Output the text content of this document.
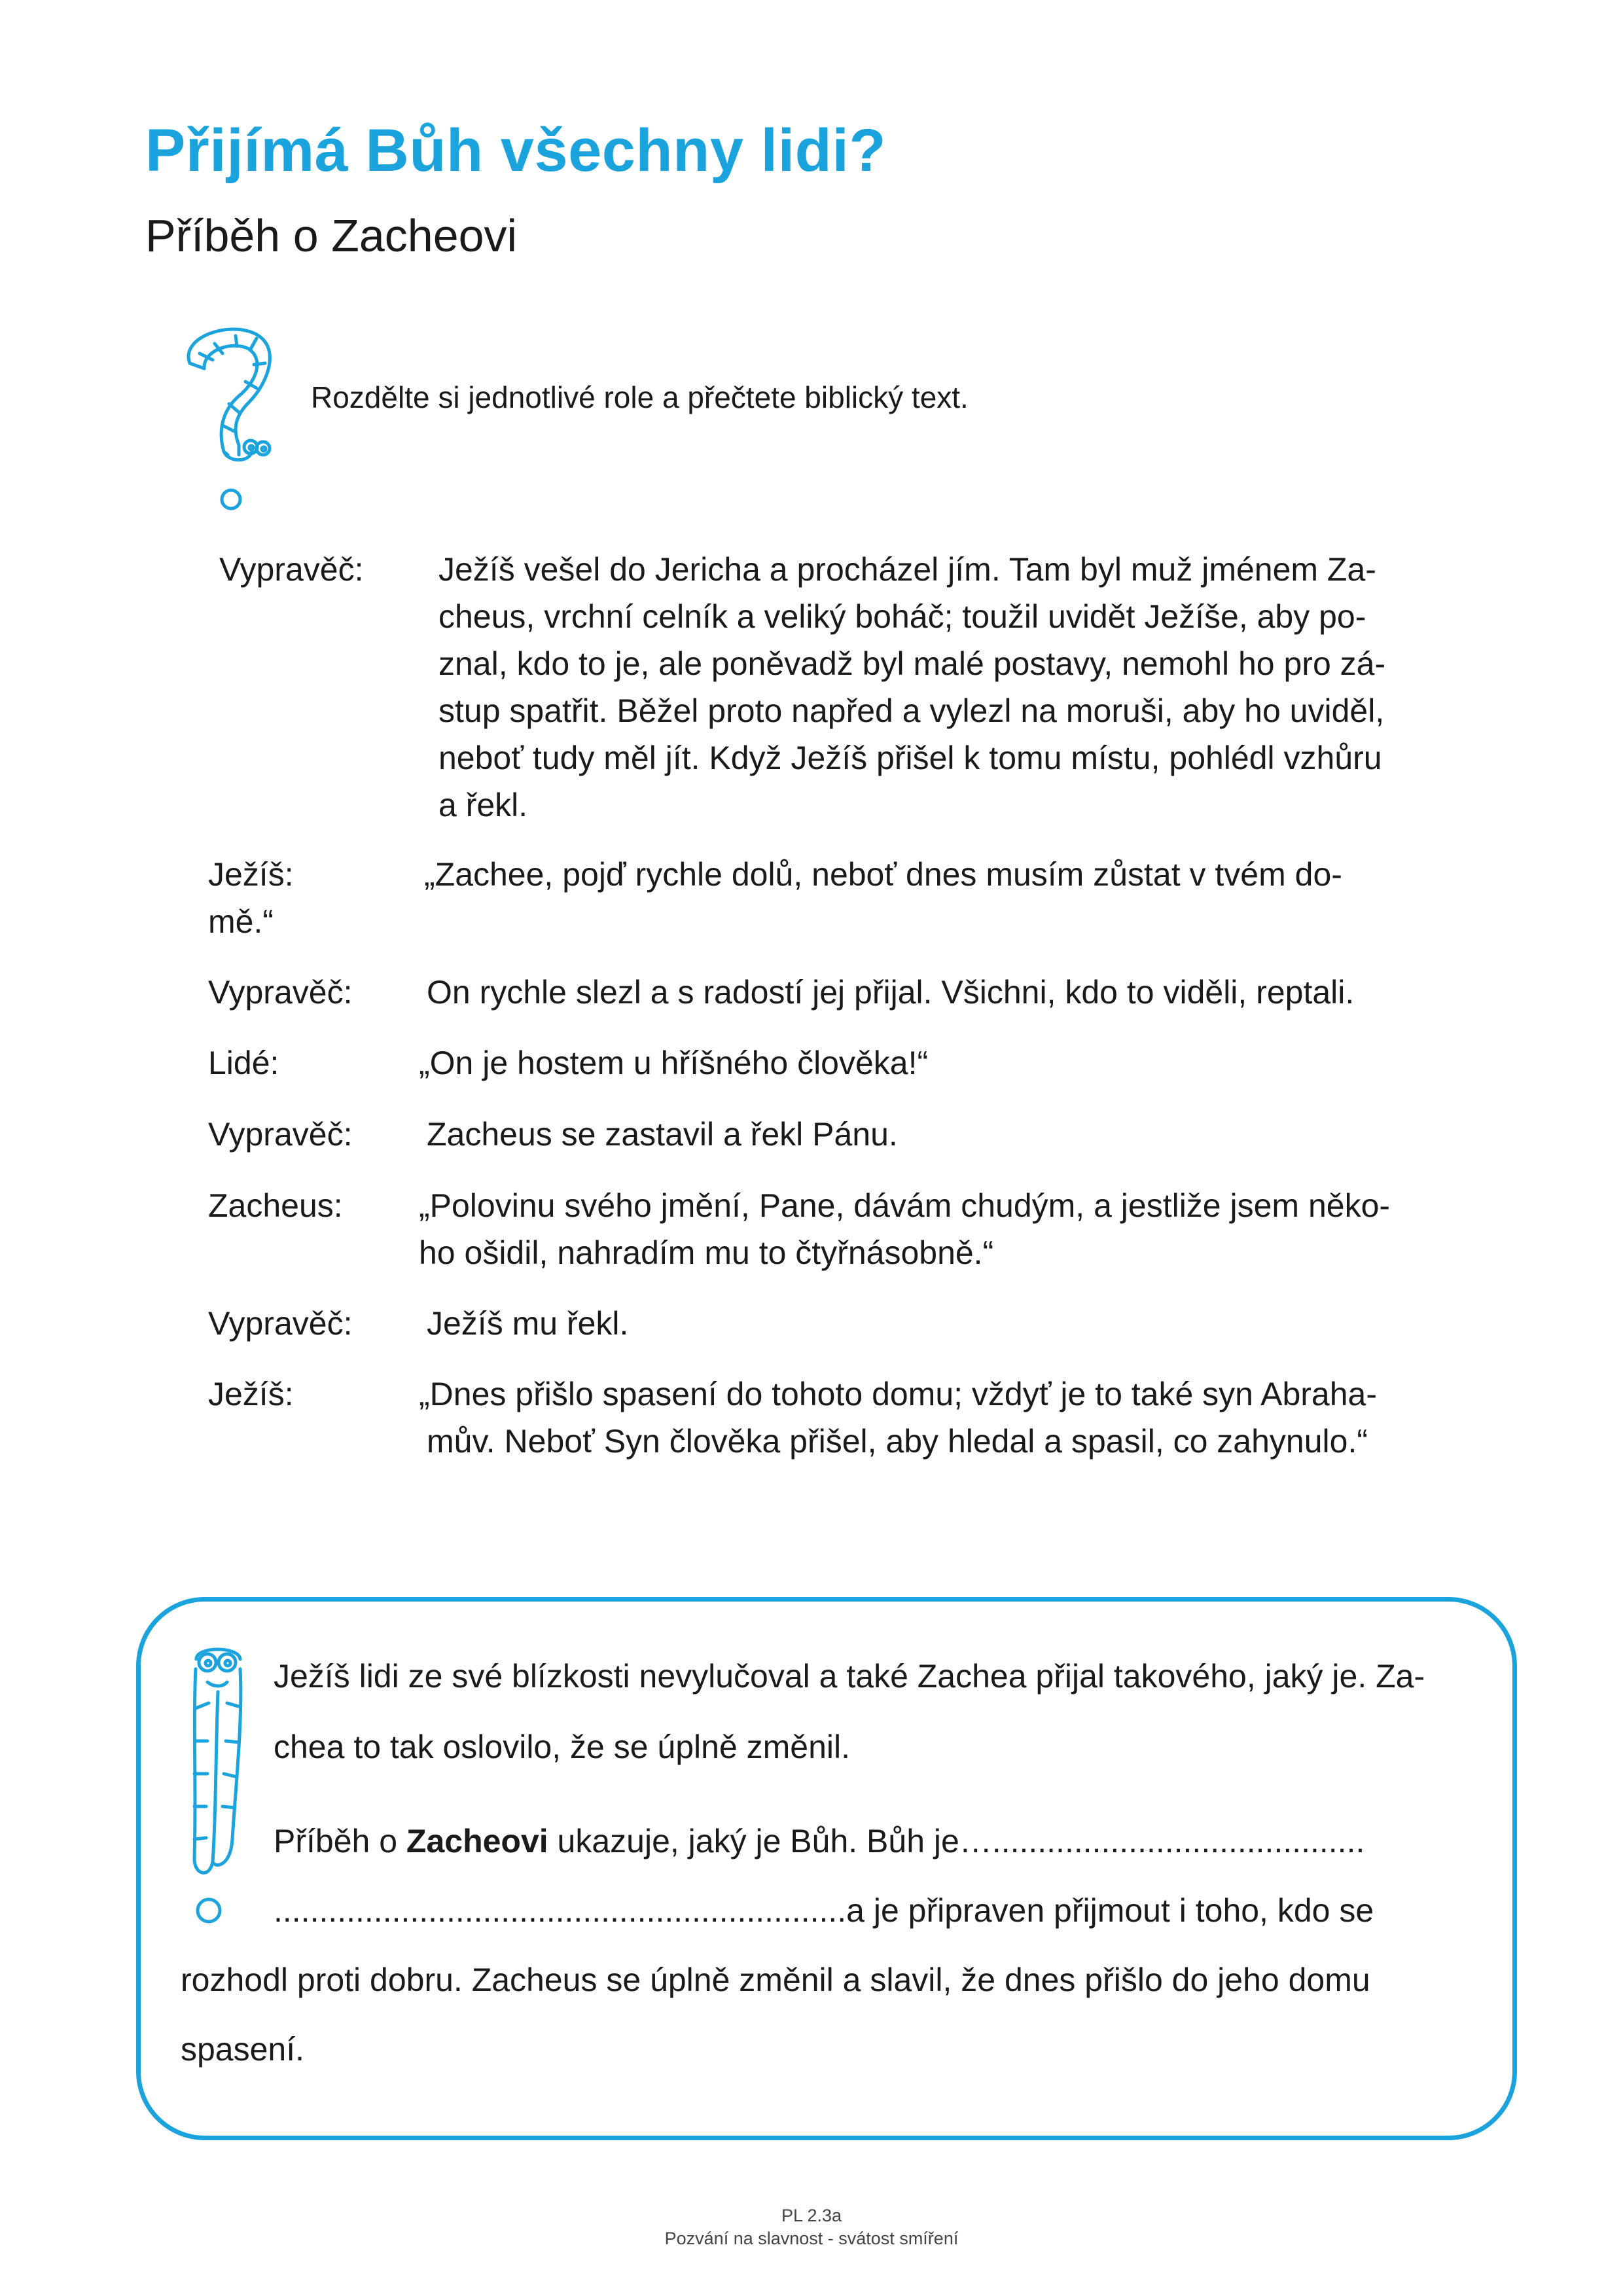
Přijímá Bůh všechny lidi?
Příběh o Zacheovi
Rozdělte si jednotlivé role a přečtete biblický text.
Vypravěč: Ježíš vešel do Jericha a procházel jím. Tam byl muž jménem Za-
cheus, vrchní celník a veliký boháč; toužil uvidět Ježíše, aby po-
znal, kdo to je, ale poněvadž byl malé postavy, nemohl ho pro zá-
stup spatřit. Běžel proto napřed a vylezl na moruši, aby ho uviděl,
neboť tudy měl jít. Když Ježíš přišel k tomu místu, pohlédl vzhůru
a řekl.
Ježíš:	„Zachee, pojď rychle dolů, neboť dnes musím zůstat v tvém do-
mě.“
Vypravěč: On rychle slezl a s radostí jej přijal. Všichni, kdo to viděli, reptali.
Lidé:	„On je hostem u hříšného člověka!“
Vypravěč: Zacheus se zastavil a řekl Pánu.
Zacheus: „Polovinu svého jmění, Pane, dávám chudým, a jestliže jsem něko-
ho ošidil, nahradím mu to čtyřnásobně.“
Vypravěč: Ježíš mu řekl.
Ježíš:	„Dnes přišlo spasení do tohoto domu; vždyť je to také syn Abraha-
mův. Neboť Syn člověka přišel, aby hledal a spasil, co zahynulo.“
Ježíš lidi ze své blízkosti nevylučoval a také Zachea přijal takového, jaký je. Za-
chea to tak oslovilo, že se úplně změnil.
Příběh o Zacheovi ukazuje, jaký je Bůh. Bůh je….........................................
...............................................................a je připraven přijmout i toho, kdo se
rozhodl proti dobru. Zacheus se úplně změnil a slavil, že dnes přišlo do jeho domu
spasení.
PL 2.3a
Pozvání na slavnost - svátost smíření
